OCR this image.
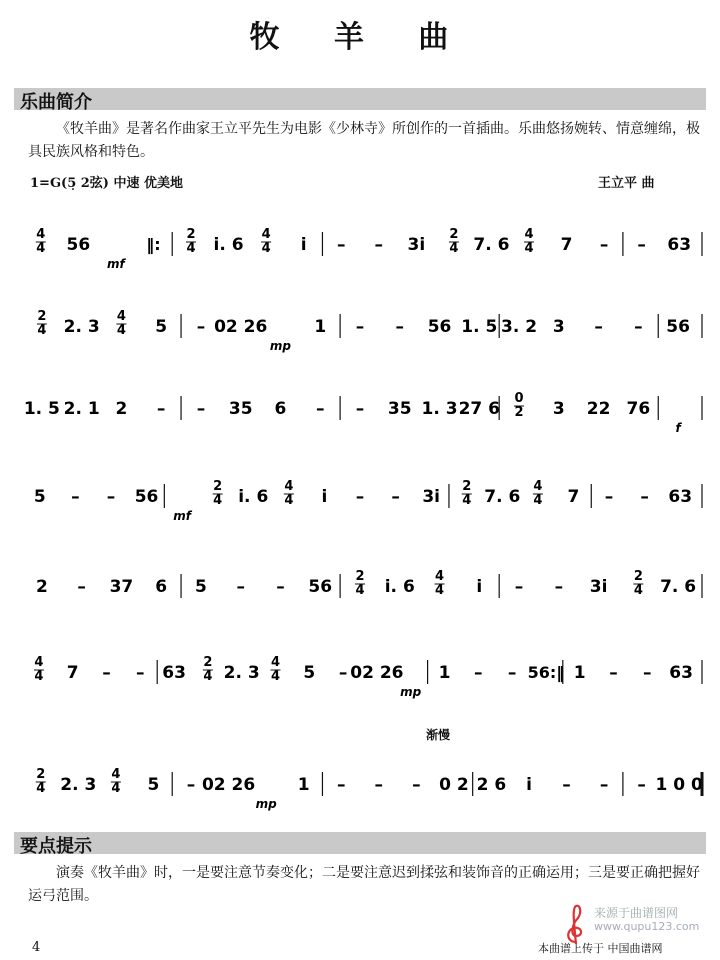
牧 羊 曲
乐曲简介
《牧羊曲》是著名作曲家王立平先生为电影《少林寺》所创作的一首插曲。乐曲悠扬婉转、情意缠绵，极具民族风格和特色。
1=G(5̣ 2弦) 中速 优美地	王立平 曲
4
4 56
mf
‖:
2
4 i. 6
4
4 i – – 3i
2
4 7. 6
4
4 7 – – 63
2
4 2. 3
4
4 5 – 02 26
mp
1 – – 56 1. 5 3. 2 3 – – 56
1. 5 2. 1 2 – – 35 6 – – 35 1. 3 27 6
0
2 3 22 76
f
5 – – 56
mf
2
4 i. 6
4
4 i – – 3i
2
4 7. 6
4
4 7 – – 63
2 – 37 6 5 – – 56
2
4 i. 6
4
4 i – – 3i
2
4 7. 6
4
4 7 – – 63
2
4 2. 3
4
4 5 – 02 26
mp
1 – – 56:‖ 1 – – 63
2
4 2. 3
4
4 5 – 02 26
mp
1 – – – 0 2 2 6 i – – – 1 0 0
渐慢
要点提示
演奏《牧羊曲》时，一是要注意节奏变化；二是要注意迟到揉弦和装饰音的正确运用；三是要正确把握好运弓范围。
4	本曲谱上传于 中国曲谱网
来源于曲谱图网
www.qupu123.com
